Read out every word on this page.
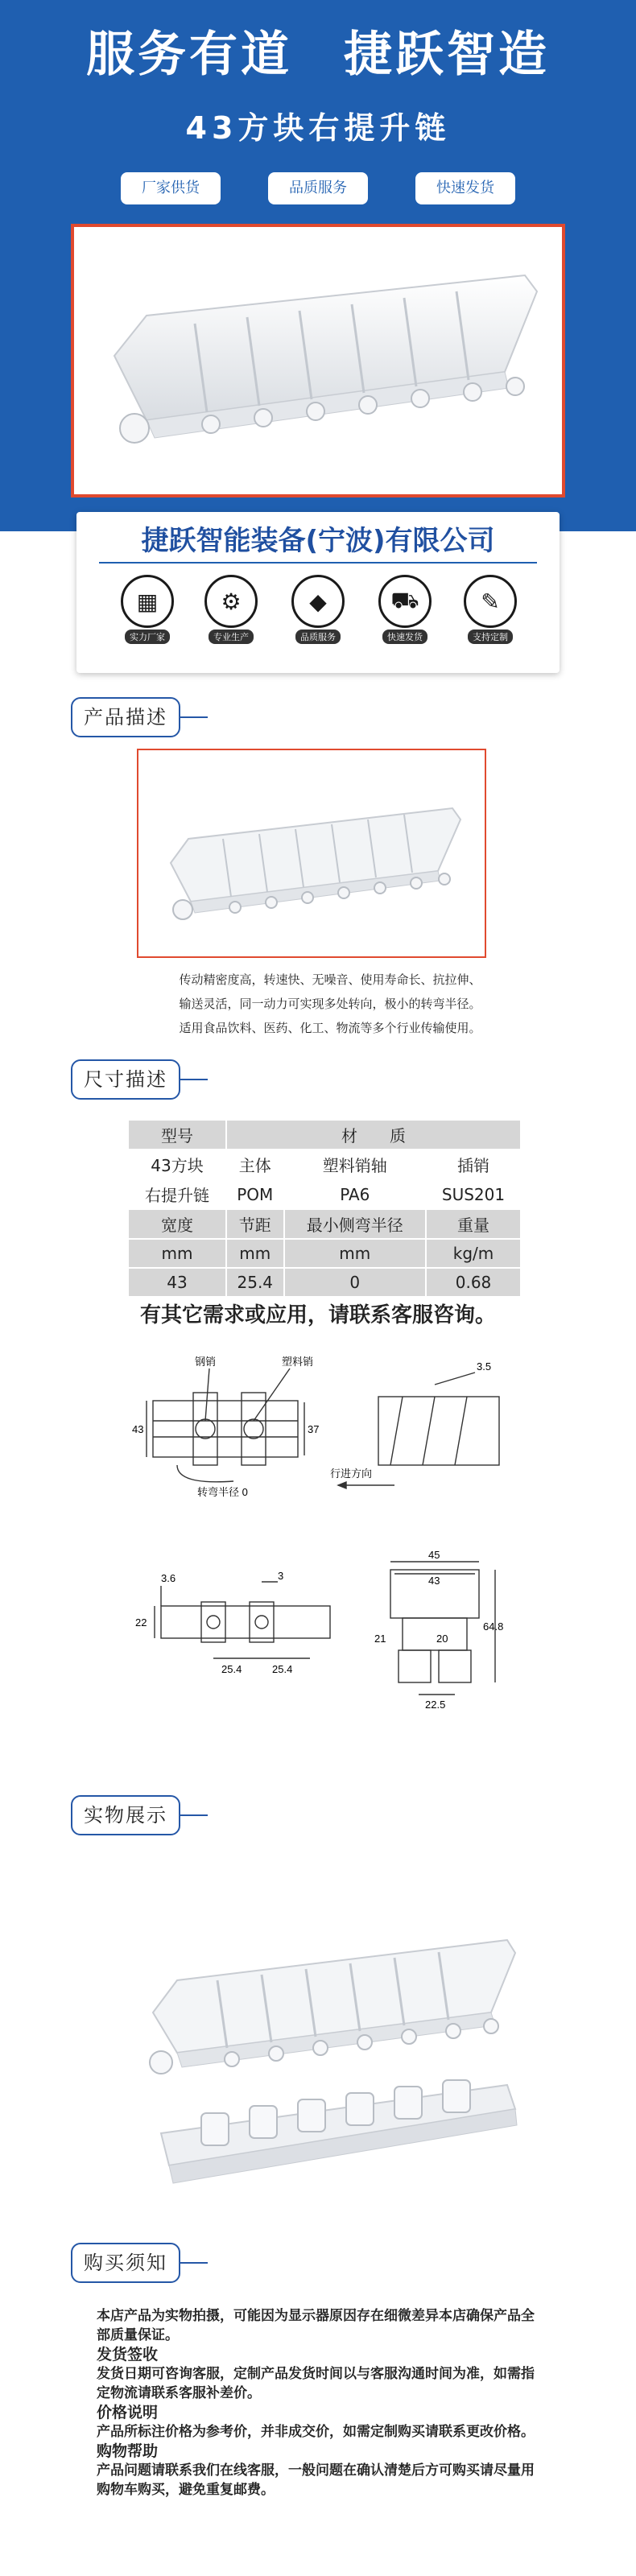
服务有道　捷跃智造
43方块右提升链
厂家供货	品质服务	快速发货
捷跃智能装备(宁波)有限公司
▦
实力厂家
⚙
专业生产
◆
品质服务
⛟
快速发货
✎
支持定制
产品描述
传动精密度高，转速快、无噪音、使用寿命长、抗拉伸、
输送灵活，同一动力可实现多处转向，极小的转弯半径。
适用食品饮料、医药、化工、物流等多个行业传输使用。
尺寸描述
型号	材　　质		
43方块	主体	塑料销轴	插销
右提升链	POM	PA6	SUS201
宽度	节距	最小侧弯半径	重量
mm	mm	mm	kg/m
43	25.4	0	0.68
有其它需求或应用，请联系客服咨询。
钢销	塑料销
43	37
3.5
转弯半径 0
行进方向
3.6	3
22
25.4	25.4
45
43
21	20
64.8
22.5
实物展示
购买须知
本店产品为实物拍摄，可能因为显示器原因存在细微差异本店确保产品全部质量保证。
发货签收
发货日期可咨询客服，定制产品发货时间以与客服沟通时间为准，如需指定物流请联系客服补差价。
价格说明
产品所标注价格为参考价，并非成交价，如需定制购买请联系更改价格。
购物帮助
产品问题请联系我们在线客服，一般问题在确认清楚后方可购买请尽量用购物车购买，避免重复邮费。
